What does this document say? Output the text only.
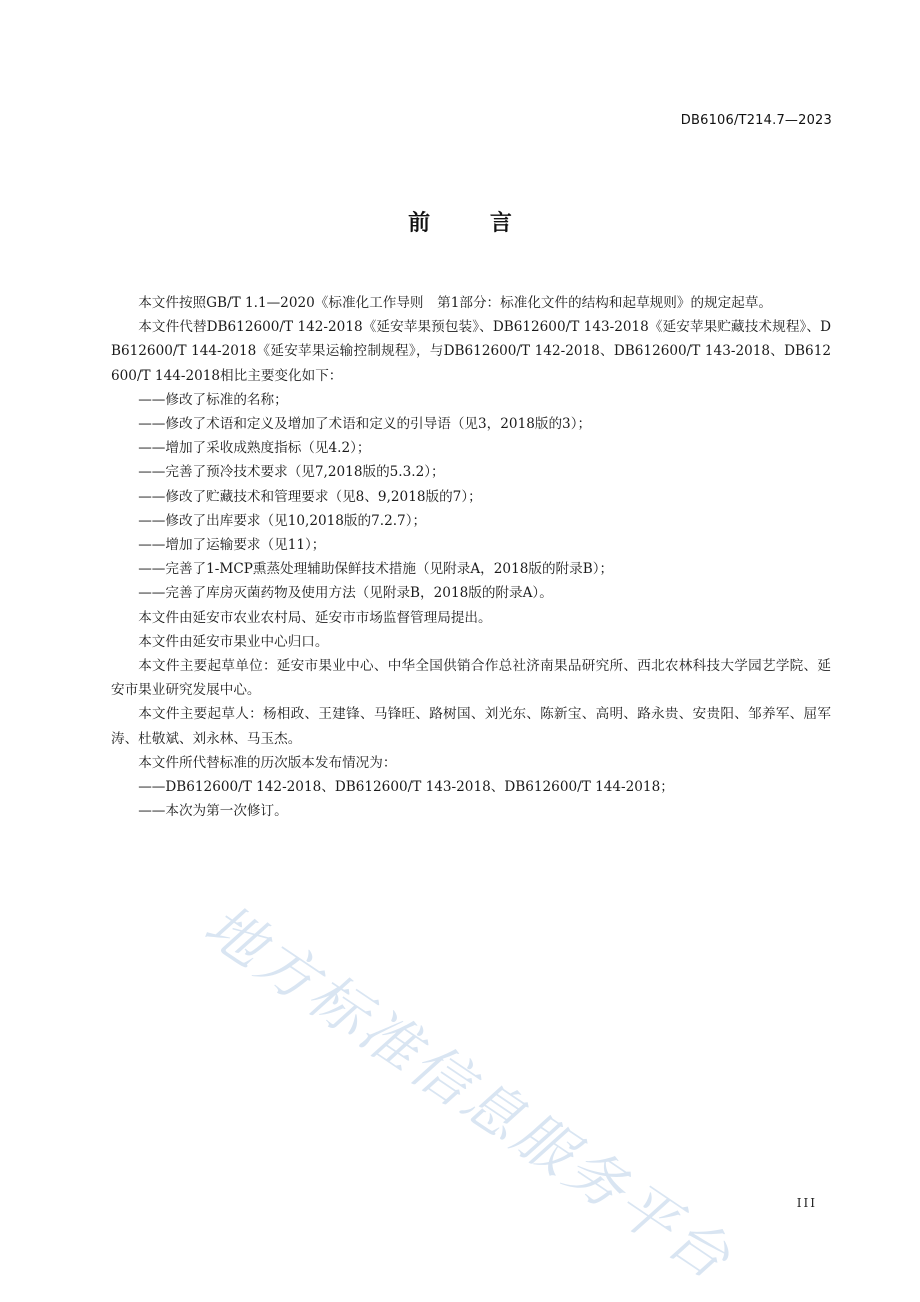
DB6106/T214.7—2023
前 言

本文件按照GB/T 1.1—2020《标准化工作导则　第1部分：标准化文件的结构和起草规则》的规定起草。

本文件代替DB612600/T 142-2018《延安苹果预包装》、DB612600/T 143-2018《延安苹果贮藏技术规程》、DB612600/T 144-2018《延安苹果运输控制规程》，与DB612600/T 142-2018、DB612600/T 143-2018、DB612600/T 144-2018相比主要变化如下：

——修改了标准的名称；

——修改了术语和定义及增加了术语和定义的引导语（见3，2018版的3）；

——增加了采收成熟度指标（见4.2）；

——完善了预冷技术要求（见7,2018版的5.3.2）；

——修改了贮藏技术和管理要求（见8、9,2018版的7）；

——修改了出库要求（见10,2018版的7.2.7）；

——增加了运输要求（见11）；

——完善了1-MCP熏蒸处理辅助保鲜技术措施（见附录A，2018版的附录B）；

——完善了库房灭菌药物及使用方法（见附录B，2018版的附录A）。

本文件由延安市农业农村局、延安市市场监督管理局提出。

本文件由延安市果业中心归口。

本文件主要起草单位：延安市果业中心、中华全国供销合作总社济南果品研究所、西北农林科技大学园艺学院、延安市果业研究发展中心。

本文件主要起草人：杨相政、王建锋、马锋旺、路树国、刘光东、陈新宝、高明、路永贵、安贵阳、邹养军、屈军涛、杜敬斌、刘永林、马玉杰。

本文件所代替标准的历次版本发布情况为：

——DB612600/T 142-2018、DB612600/T 143-2018、DB612600/T 144-2018；

——本次为第一次修订。

地方标准信息服务平台	III
